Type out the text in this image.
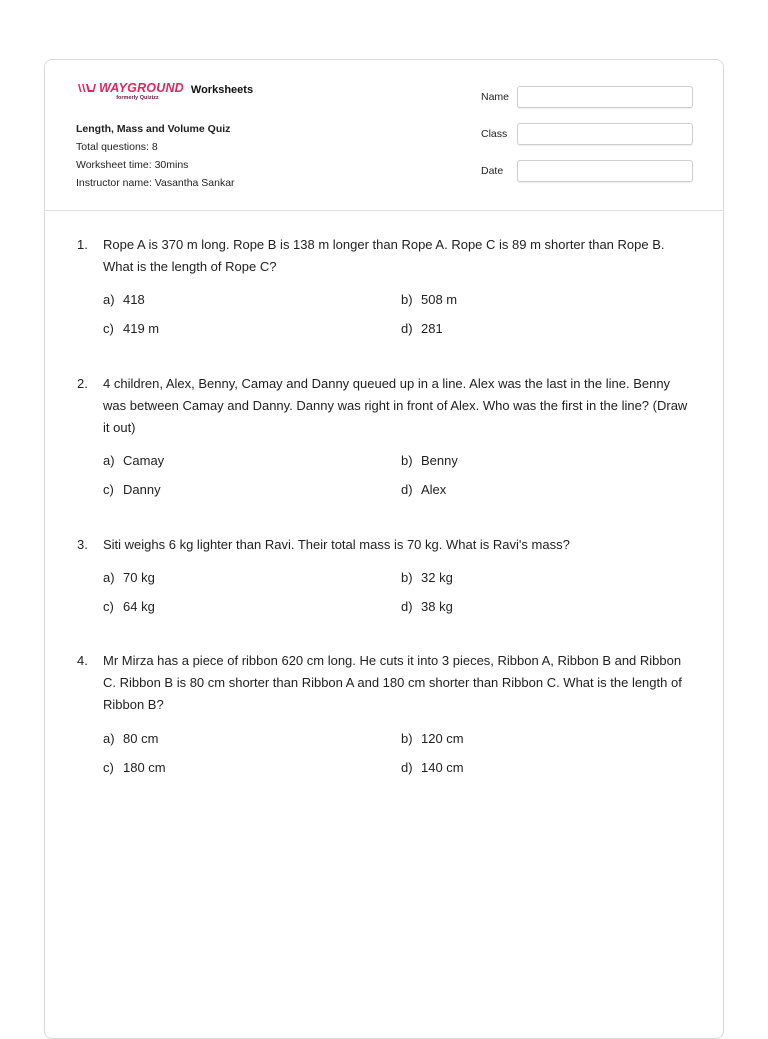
WAYGROUND
formerly Quizizz
Worksheets
Length, Mass and Volume Quiz
Total questions: 8
Worksheet time: 30mins
Instructor name: Vasantha Sankar
Name
Class
Date
1. Rope A is 370 m long. Rope B is 138 m longer than Rope A. Rope C is 89 m shorter than Rope B. What is the length of Rope C?
a) 418	b) 508 m
c) 419 m	d) 281
2. 4 children, Alex, Benny, Camay and Danny queued up in a line. Alex was the last in the line. Benny was between Camay and Danny. Danny was right in front of Alex. Who was the first in the line? (Draw it out)
a) Camay	b) Benny
c) Danny	d) Alex
3. Siti weighs 6 kg lighter than Ravi. Their total mass is 70 kg. What is Ravi's mass?
a) 70 kg	b) 32 kg
c) 64 kg	d) 38 kg
4. Mr Mirza has a piece of ribbon 620 cm long. He cuts it into 3 pieces, Ribbon A, Ribbon B and Ribbon C. Ribbon B is 80 cm shorter than Ribbon A and 180 cm shorter than Ribbon C. What is the length of Ribbon B?
a) 80 cm	b) 120 cm
c) 180 cm	d) 140 cm
